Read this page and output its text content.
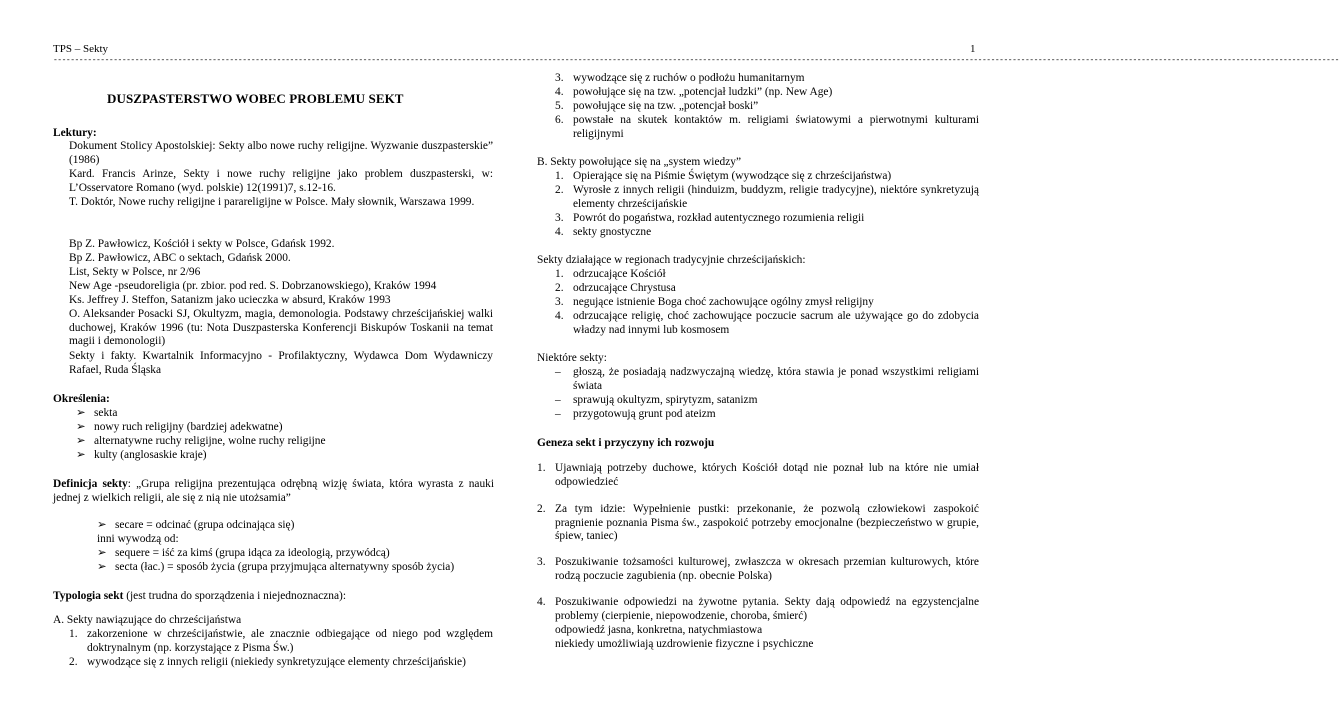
TPS – Sekty	1
-----------------------------------------------------------------------------------------------------------------------------------------------------------------------------------------------------------------------------------------------------------------------------------------------------------
DUSZPASTERSTWO WOBEC PROBLEMU SEKT
Lektury:
Dokument Stolicy Apostolskiej: Sekty albo nowe ruchy religijne. Wyzwanie duszpasterskie” (1986)
Kard. Francis Arinze, Sekty i nowe ruchy religijne jako problem duszpasterski, w: L’Osservatore Romano (wyd. polskie) 12(1991)7, s.12-16.
T. Doktór, Nowe ruchy religijne i parareligijne w Polsce. Mały słownik, Warszawa 1999.
Bp Z. Pawłowicz, Kościół i sekty w Polsce, Gdańsk 1992.
Bp Z. Pawłowicz, ABC o sektach, Gdańsk 2000.
List, Sekty w Polsce, nr 2/96
New Age -pseudoreligia (pr. zbior. pod red. S. Dobrzanowskiego), Kraków 1994
Ks. Jeffrey J. Steffon, Satanizm jako ucieczka w absurd, Kraków 1993
O. Aleksander Posacki SJ, Okultyzm, magia, demonologia. Podstawy chrześcijańskiej walki duchowej, Kraków 1996 (tu: Nota Duszpasterska Konferencji Biskupów Toskanii na temat magii i demonologii)
Sekty i fakty. Kwartalnik Informacyjno - Profilaktyczny, Wydawca Dom Wydawniczy Rafael, Ruda Śląska
Określenia:
➢ sekta
➢ nowy ruch religijny (bardziej adekwatne)
➢ alternatywne ruchy religijne, wolne ruchy religijne
➢ kulty (anglosaskie kraje)
Definicja sekty: „Grupa religijna prezentująca odrębną wizję świata, która wyrasta z nauki jednej z wielkich religii, ale się z nią nie utożsamia”
➢ secare = odcinać (grupa odcinająca się)
inni wywodzą od:
➢ sequere = iść za kimś (grupa idąca za ideologią, przywódcą)
➢ secta (łac.) = sposób życia (grupa przyjmująca alternatywny sposób życia)
Typologia sekt (jest trudna do sporządzenia i niejednoznaczna):
A. Sekty nawiązujące do chrześcijaństwa
1. zakorzenione w chrześcijaństwie, ale znacznie odbiegające od niego pod względem doktrynalnym (np. korzystające z Pisma Św.)
2. wywodzące się z innych religii (niekiedy synkretyzujące elementy chrześcijańskie)
3. wywodzące się z ruchów o podłożu humanitarnym
4. powołujące się na tzw. „potencjał ludzki” (np. New Age)
5. powołujące się na tzw. „potencjał boski”
6. powstałe na skutek kontaktów m. religiami światowymi a pierwotnymi kulturami religijnymi
B. Sekty powołujące się na „system wiedzy”
1. Opierające się na Piśmie Świętym (wywodzące się z chrześcijaństwa)
2. Wyrosłe z innych religii (hinduizm, buddyzm, religie tradycyjne), niektóre synkretyzują elementy chrześcijańskie
3. Powrót do pogaństwa, rozkład autentycznego rozumienia religii
4. sekty gnostyczne
Sekty działające w regionach tradycyjnie chrześcijańskich:
1. odrzucające Kościół
2. odrzucające Chrystusa
3. negujące istnienie Boga choć zachowujące ogólny zmysł religijny
4. odrzucające religię, choć zachowujące poczucie sacrum ale używające go do zdobycia władzy nad innymi lub kosmosem
Niektóre sekty:
– głoszą, że posiadają nadzwyczajną wiedzę, która stawia je ponad wszystkimi religiami świata
– sprawują okultyzm, spirytyzm, satanizm
– przygotowują grunt pod ateizm
Geneza sekt i przyczyny ich rozwoju
1. Ujawniają potrzeby duchowe, których Kościół dotąd nie poznał lub na które nie umiał odpowiedzieć
2. Za tym idzie: Wypełnienie pustki: przekonanie, że pozwolą człowiekowi zaspokoić pragnienie poznania Pisma św., zaspokoić potrzeby emocjonalne (bezpieczeństwo w grupie, śpiew, taniec)
3. Poszukiwanie tożsamości kulturowej, zwłaszcza w okresach przemian kulturowych, które rodzą poczucie zagubienia (np. obecnie Polska)
4. Poszukiwanie odpowiedzi na żywotne pytania. Sekty dają odpowiedź na egzystencjalne problemy (cierpienie, niepowodzenie, choroba, śmierć)
odpowiedź jasna, konkretna, natychmiastowa
niekiedy umożliwiają uzdrowienie fizyczne i psychiczne
